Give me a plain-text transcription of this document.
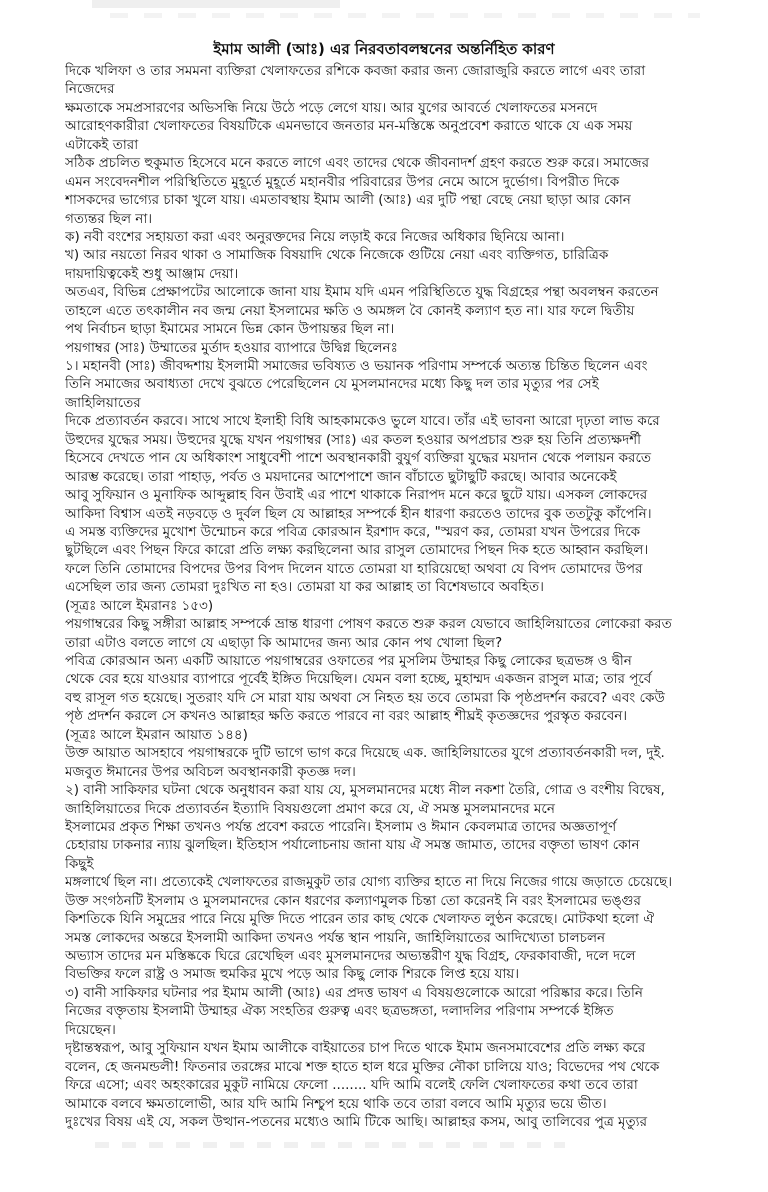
ইমাম আলী (আঃ) এর নিরবতাবলম্বনের অন্তর্নিহিত কারণ
দিকে খলিফা ও তার সমমনা ব্যক্তিরা খেলাফতের রশিকে কবজা করার জন্য জোরাজুরি করতে লাগে এবং তারা
নিজেদের
ক্ষমতাকে সমপ্রসারণের অভিসন্ধি নিয়ে উঠে পড়ে লেগে যায়। আর যুগের আবর্তে খেলাফতের মসনদে
আরোহণকারীরা খেলাফতের বিষয়টিকে এমনভাবে জনতার মন-মস্তিষ্কে অনুপ্রবেশ করাতে থাকে যে এক সময়
এটাকেই তারা
সঠিক প্রচলিত হুকুমাত হিসেবে মনে করতে লাগে এবং তাদের থেকে জীবনাদর্শ গ্রহণ করতে শুরু করে। সমাজের
এমন সংবেদনশীল পরিস্থিতিতে মুহূর্তে মুহূর্তে মহানবীর পরিবারের উপর নেমে আসে দুর্ভোগ। বিপরীত দিকে
শাসকদের ভাগ্যের চাকা খুলে যায়। এমতাবস্থায় ইমাম আলী (আঃ) এর দুটি পন্থা বেছে নেয়া ছাড়া আর কোন
গত্যন্তর ছিল না।
ক) নবী বংশের সহায়তা করা এবং অনুরক্তদের নিয়ে লড়াই করে নিজের অধিকার ছিনিয়ে আনা।
খ) আর নয়তো নিরব থাকা ও সামাজিক বিষয়াদি থেকে নিজেকে গুটিয়ে নেয়া এবং ব্যক্তিগত, চারিত্রিক
দায়দায়িত্বকেই শুধু আঞ্জাম দেয়া।
অতএব, বিভিন্ন প্রেক্ষাপটের আলোকে জানা যায় ইমাম যদি এমন পরিস্থিতিতে যুদ্ধ বিগ্রহের পন্থা অবলম্বন করতেন
তাহলে এতে তৎকালীন নব জন্ম নেয়া ইসলামের ক্ষতি ও অমঙ্গল বৈ কোনই কল্যাণ হত না। যার ফলে দ্বিতীয়
পথ নির্বাচন ছাড়া ইমামের সামনে ভিন্ন কোন উপায়ন্তর ছিল না।
পয়গাম্বর (সাঃ) উম্মাতের মুর্তাদ হওয়ার ব্যাপারে উদ্বিগ্ন ছিলেনঃ
১। মহানবী (সাঃ) জীবদ্দশায় ইসলামী সমাজের ভবিষ্যত ও ভয়ানক পরিণাম সম্পর্কে অত্যন্ত চিন্তিত ছিলেন এবং
তিনি সমাজের অবাধ্যতা দেখে বুঝতে পেরেছিলেন যে মুসলমানদের মধ্যে কিছু দল তার মৃত্যুর পর সেই
জাহিলিয়াতের
দিকে প্রত্যাবর্তন করবে। সাথে সাথে ইলাহী বিধি আহকামকেও ভুলে যাবে। তাঁর এই ভাবনা আরো দৃঢ়তা লাভ করে
উহুদের যুদ্ধের সময়। উহুদের যুদ্ধে যখন পয়গাম্বর (সাঃ) এর কতল হওয়ার অপপ্রচার শুরু হয় তিনি প্রত্যক্ষদর্শী
হিসেবে দেখতে পান যে অধিকাংশ সাধুবেশী পাশে অবস্থানকারী বুযুর্গ ব্যক্তিরা যুদ্ধের ময়দান থেকে পলায়ন করতে
আরম্ভ করেছে। তারা পাহাড়, পর্বত ও ময়দানের আশেপাশে জান বাঁচাতে ছুটাছুটি করছে। আবার অনেকেই
আবু সুফিয়ান ও মুনাফিক আব্দুল্লাহ বিন উবাই এর পাশে থাকাকে নিরাপদ মনে করে ছুটে যায়। এসকল লোকদের
আকিদা বিশ্বাস এতই নড়বড়ে ও দুর্বল ছিল যে আল্লাহর সম্পর্কে হীন ধারণা করতেও তাদের বুক ততটুকু কাঁপেনি।
এ সমস্ত ব্যক্তিদের মুখোশ উন্মোচন করে পবিত্র কোরআন ইরশাদ করে, "স্মরণ কর, তোমরা যখন উপরের দিকে
ছুটছিলে এবং পিছন ফিরে কারো প্রতি লক্ষ্য করছিলেনা আর রাসুল তোমাদের পিছন দিক হতে আহ্বান করছিল।
ফলে তিনি তোমাদের বিপদের উপর বিপদ দিলেন যাতে তোমরা যা হারিয়েছো অথবা যে বিপদ তোমাদের উপর
এসেছিল তার জন্য তোমরা দুঃখিত না হও। তোমরা যা কর আল্লাহ তা বিশেষভাবে অবহিত।
(সূত্রঃ আলে ইমরানঃ ১৫৩)
পয়গাম্বরের কিছু সঙ্গীরা আল্লাহ সম্পর্কে ভ্রান্ত ধারণা পোষণ করতে শুরু করল যেভাবে জাহিলিয়াতের লোকেরা করত
তারা এটাও বলতে লাগে যে এছাড়া কি আমাদের জন্য আর কোন পথ খোলা ছিল?
পবিত্র কোরআন অন্য একটি আয়াতে পয়গাম্বরের ওফাতের পর মুসলিম উম্মাহর কিছু লোকের ছত্রভঙ্গ ও দ্বীন
থেকে বের হয়ে যাওয়ার ব্যাপারে পূর্বেই ইঙ্গিত দিয়েছিল। যেমন বলা হচ্ছে, মুহাম্মদ একজন রাসুল মাত্র; তার পূর্বে
বহু রাসূল গত হয়েছে। সুতরাং যদি সে মারা যায় অথবা সে নিহত হয় তবে তোমরা কি পৃষ্ঠপ্রদর্শন করবে? এবং কেউ
পৃষ্ঠ প্রদর্শন করলে সে কখনও আল্লাহর ক্ষতি করতে পারবে না বরং আল্লাহ শীঘ্রই কৃতজ্ঞদের পুরস্কৃত করবেন।
(সূত্রঃ আলে ইমরান আয়াত ১৪৪)
উক্ত আয়াত আসহাবে পয়গাম্বরকে দুটি ভাগে ভাগ করে দিয়েছে এক. জাহিলিয়াতের যুগে প্রত্যাবর্তনকারী দল, দুই.
মজবুত ঈমানের উপর অবিচল অবস্থানকারী কৃতজ্ঞ দল।
২) বানী সাকিফার ঘটনা থেকে অনুধাবন করা যায় যে, মুসলমানদের মধ্যে নীল নকশা তৈরি, গোত্র ও বংশীয় বিদ্বেষ,
জাহিলিয়াতের দিকে প্রত্যাবর্তন ইত্যাদি বিষয়গুলো প্রমাণ করে যে, ঐ সমস্ত মুসলমানদের মনে
ইসলামের প্রকৃত শিক্ষা তখনও পর্যন্ত প্রবেশ করতে পারেনি। ইসলাম ও ঈমান কেবলমাত্র তাদের অজ্ঞতাপূর্ণ
চেহারায় ঢাকনার ন্যায় ঝুলছিল। ইতিহাস পর্যালোচনায় জানা যায় ঐ সমস্ত জামাত, তাদের বক্তৃতা ভাষণ কোন
কিছুই
মঙ্গলার্থে ছিল না। প্রত্যেকেই খেলাফতের রাজমুকুট তার যোগ্য ব্যক্তির হাতে না দিয়ে নিজের গায়ে জড়াতে চেয়েছে।
উক্ত সংগঠনটি ইসলাম ও মুসলমানদের কোন ধরণের কল্যাণমুলক চিন্তা তো করেনই নি বরং ইসলামের ভঙ্গুর
কিশতিকে যিনি সমুদ্রের পারে নিয়ে মুক্তি দিতে পারেন তার কাছ থেকে খেলাফত লুণ্ঠন করেছে। মোটকথা হলো ঐ
সমস্ত লোকদের অন্তরে ইসলামী আকিদা তখনও পর্যন্ত স্থান পায়নি, জাহিলিয়াতের আদিখ্যেতা চালচলন
অভ্যাস তাদের মন মস্তিষ্ককে ঘিরে রেখেছিল এবং মুসলমানদের অভ্যন্তরীণ যুদ্ধ বিগ্রহ, ফেরকাবাজী, দলে দলে
বিভক্তির ফলে রাষ্ট্র ও সমাজ হুমকির মুখে পড়ে আর কিছু লোক শিরকে লিপ্ত হয়ে যায়।
৩) বানী সাকিফার ঘটনার পর ইমাম আলী (আঃ) এর প্রদত্ত ভাষণ এ বিষয়গুলোকে আরো পরিষ্কার করে। তিনি
নিজের বক্তৃতায় ইসলামী উম্মাহর ঐক্য সংহতির গুরুত্ব এবং ছত্রভঙ্গতা, দলাদলির পরিণাম সম্পর্কে ইঙ্গিত
দিয়েছেন।
দৃষ্টান্তস্বরূপ, আবু সুফিয়ান যখন ইমাম আলীকে বাইয়াতের চাপ দিতে থাকে ইমাম জনসমাবেশের প্রতি লক্ষ্য করে
বলেন, হে জনমন্ডলী! ফিতনার তরঙ্গের মাঝে শক্ত হাতে হাল ধরে মুক্তির নৌকা চালিয়ে যাও; বিভেদের পথ থেকে
ফিরে এসো; এবং অহংকারের মুকুট নামিয়ে ফেলো ........ যদি আমি বলেই ফেলি খেলাফতের কথা তবে তারা
আমাকে বলবে ক্ষমতালোভী, আর যদি আমি নিশ্চুপ হয়ে থাকি তবে তারা বলবে আমি মৃত্যুর ভয়ে ভীত।
দুঃখের বিষয় এই যে, সকল উত্থান-পতনের মধ্যেও আমি টিকে আছি। আল্লাহর কসম, আবু তালিবের পুত্র মৃত্যুর
